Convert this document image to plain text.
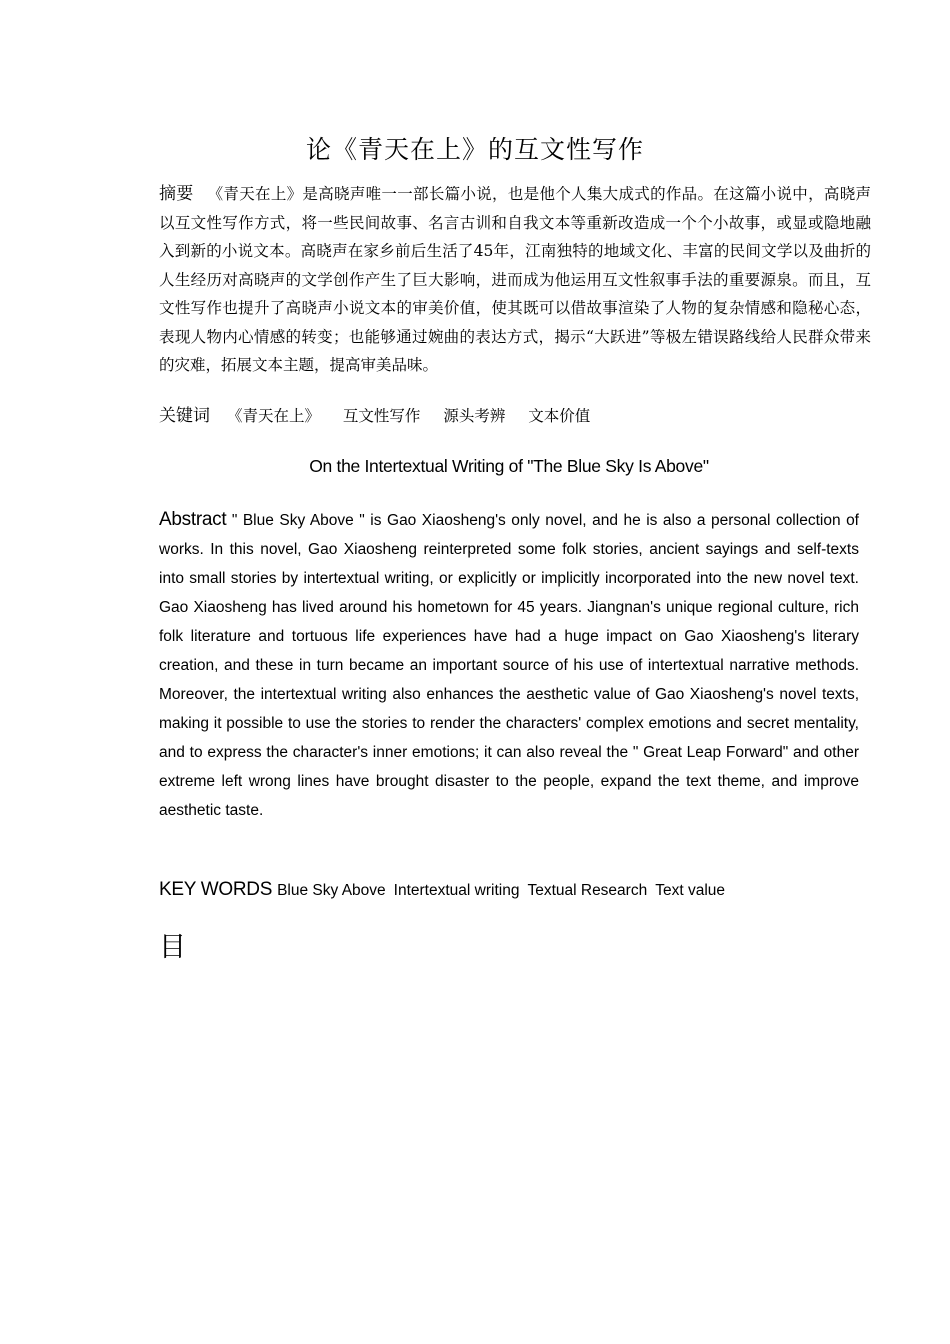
论《青天在上》的互文性写作
摘要 《青天在上》是高晓声唯一一部长篇小说，也是他个人集大成式的作品。在这篇小说中，高晓声以互文性写作方式，将一些民间故事、名言古训和自我文本等重新改造成一个个小故事，或显或隐地融入到新的小说文本。高晓声在家乡前后生活了45年，江南独特的地域文化、丰富的民间文学以及曲折的人生经历对高晓声的文学创作产生了巨大影响，进而成为他运用互文性叙事手法的重要源泉。而且，互文性写作也提升了高晓声小说文本的审美价值，使其既可以借故事渲染了人物的复杂情感和隐秘心态，表现人物内心情感的转变；也能够通过婉曲的表达方式，揭示“大跃进”等极左错误路线给人民群众带来的灾难，拓展文本主题，提高审美品味。
关键词 《青天在上》 互文性写作 源头考辨 文本价值
On the Intertextual Writing of "The Blue Sky Is Above"
Abstract " Blue Sky Above " is Gao Xiaosheng's only novel, and he is also a personal collection of works. In this novel, Gao Xiaosheng reinterpreted some folk stories, ancient sayings and self-texts into small stories by intertextual writing, or explicitly or implicitly incorporated into the new novel text. Gao Xiaosheng has lived around his hometown for 45 years. Jiangnan's unique regional culture, rich folk literature and tortuous life experiences have had a huge impact on Gao Xiaosheng's literary creation, and these in turn became an important source of his use of intertextual narrative methods. Moreover, the intertextual writing also enhances the aesthetic value of Gao Xiaosheng's novel texts, making it possible to use the stories to render the characters' complex emotions and secret mentality, and to express the character's inner emotions; it can also reveal the " Great Leap Forward" and other extreme left wrong lines have brought disaster to the people, expand the text theme, and improve aesthetic taste.
KEY WORDS Blue Sky Above Intertextual writing Textual Research Text value
目
